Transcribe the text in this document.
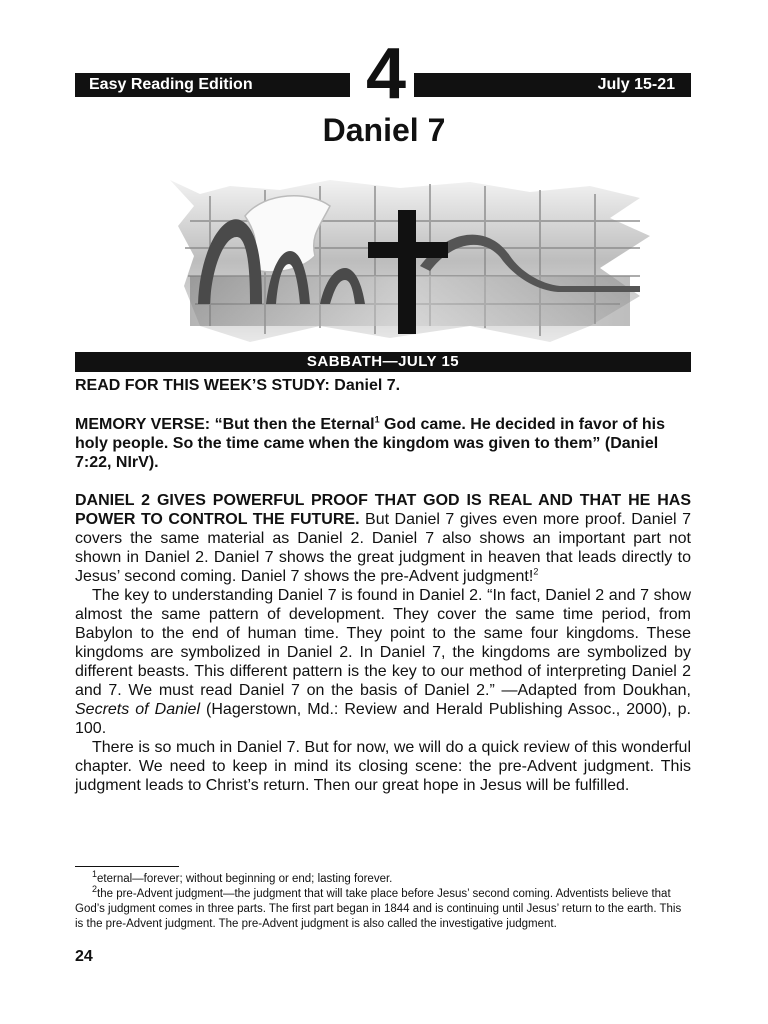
Easy Reading Edition	4	July 15-21
Daniel 7
SABBATH—JULY 15

READ FOR THIS WEEK’S STUDY: Daniel 7.

MEMORY VERSE: “But then the Eternal$^1$ God came. He decided in favor of his holy people. So the time came when the kingdom was given to them” (Daniel 7:22, NIrV).

DANIEL 2 GIVES POWERFUL PROOF THAT GOD IS REAL AND THAT HE HAS POWER TO CONTROL THE FUTURE. But Daniel 7 gives even more proof. Daniel 7 covers the same material as Daniel 2. Daniel 7 also shows an important part not shown in Daniel 2. Daniel 7 shows the great judgment in heaven that leads directly to Jesus’ second coming. Daniel 7 shows the pre-Advent judgment!$^2$

The key to understanding Daniel 7 is found in Daniel 2. “In fact, Daniel 2 and 7 show almost the same pattern of development. They cover the same time period, from Babylon to the end of human time. They point to the same four kingdoms. These kingdoms are symbolized in Daniel 2. In Daniel 7, the kingdoms are symbolized by different beasts. This different pattern is the key to our method of interpreting Daniel 2 and 7. We must read Daniel 7 on the basis of Daniel 2.” —Adapted from Doukhan, Secrets of Daniel (Hagerstown, Md.: Review and Herald Publishing Assoc., 2000), p. 100.

There is so much in Daniel 7. But for now, we will do a quick review of this wonderful chapter. We need to keep in mind its closing scene: the pre-Advent judgment. This judgment leads to Christ’s return. Then our great hope in Jesus will be fulfilled.

$^1$eternal—forever; without beginning or end; lasting forever.

$^2$the pre-Advent judgment—the judgment that will take place before Jesus’ second coming. Adventists believe that God’s judgment comes in three parts. The first part began in 1844 and is continuing until Jesus’ return to the earth. This is the pre-Advent judgment. The pre-Advent judgment is also called the investigative judgment.

24
